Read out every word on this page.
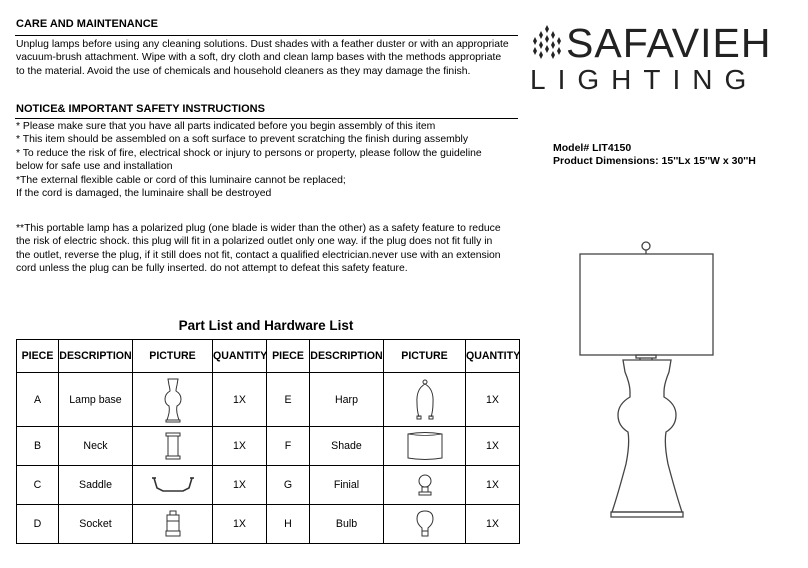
CARE AND MAINTENANCE
Unplug lamps before using any cleaning solutions. Dust shades with a feather duster or with an appropriate
vacuum-brush attachment. Wipe with a soft, dry cloth and clean lamp bases with the methods appropriate
to the material. Avoid the use of chemicals and household cleaners as they may damage the finish.
NOTICE& IMPORTANT SAFETY INSTRUCTIONS
* Please make sure that you have all parts indicated before you begin assembly of this item
* This item should be assembled on a soft surface to prevent scratching the finish during assembly
* To reduce the risk of fire, electrical shock or injury to persons or property, please follow the guideline
below for safe use and installation
*The external flexible cable or cord of this luminaire cannot be replaced;
If the cord is damaged, the luminaire shall be destroyed
**This portable lamp has a polarized plug (one blade is wider than the other) as a safety feature to reduce
the risk of electric shock. this plug will fit in a polarized outlet only one way. if the plug does not fit fully in
the outlet, reverse the plug, if it still does not fit, contact a qualified electrician.never use with an extension
cord unless the plug can be fully inserted. do not attempt to defeat this safety feature.
SAFAVIEH
LIGHTING
Model# LIT4150
Product Dimensions: 15''Lx 15''W x 30''H
Part List and Hardware List
PIECE	DESCRIPTION	PICTURE	QUANTITY	PIECE	DESCRIPTION	PICTURE	QUANTITY
A	Lamp base		1X	E	Harp		1X
B	Neck		1X	F	Shade		1X
C	Saddle		1X	G	Finial		1X
D	Socket		1X	H	Bulb		1X
